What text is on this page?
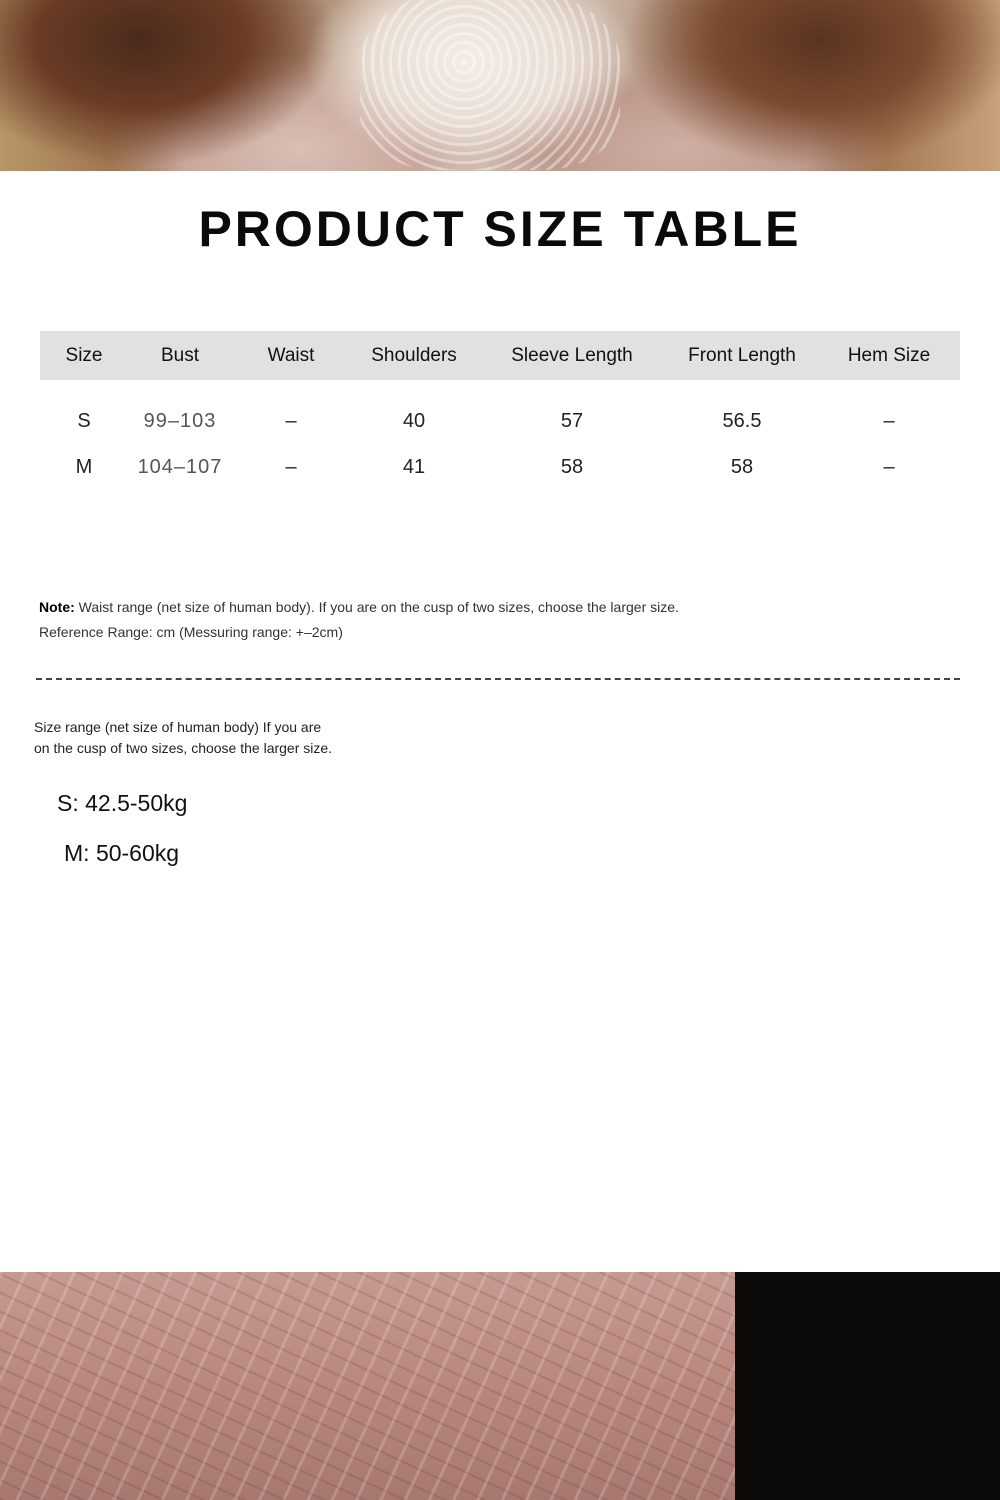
PRODUCT SIZE TABLE
Size	Bust	Waist	Shoulders	Sleeve Length	Front Length	Hem Size
S	99–103	–	40	57	56.5	–
M	104–107	–	41	58	58	–
Note: Waist range (net size of human body). If you are on the cusp of two sizes, choose the larger size.
Reference Range: cm (Messuring range: +–2cm)
Size range (net size of human body) If you are
on the cusp of two sizes, choose the larger size.
S: 42.5-50kg
M: 50-60kg
